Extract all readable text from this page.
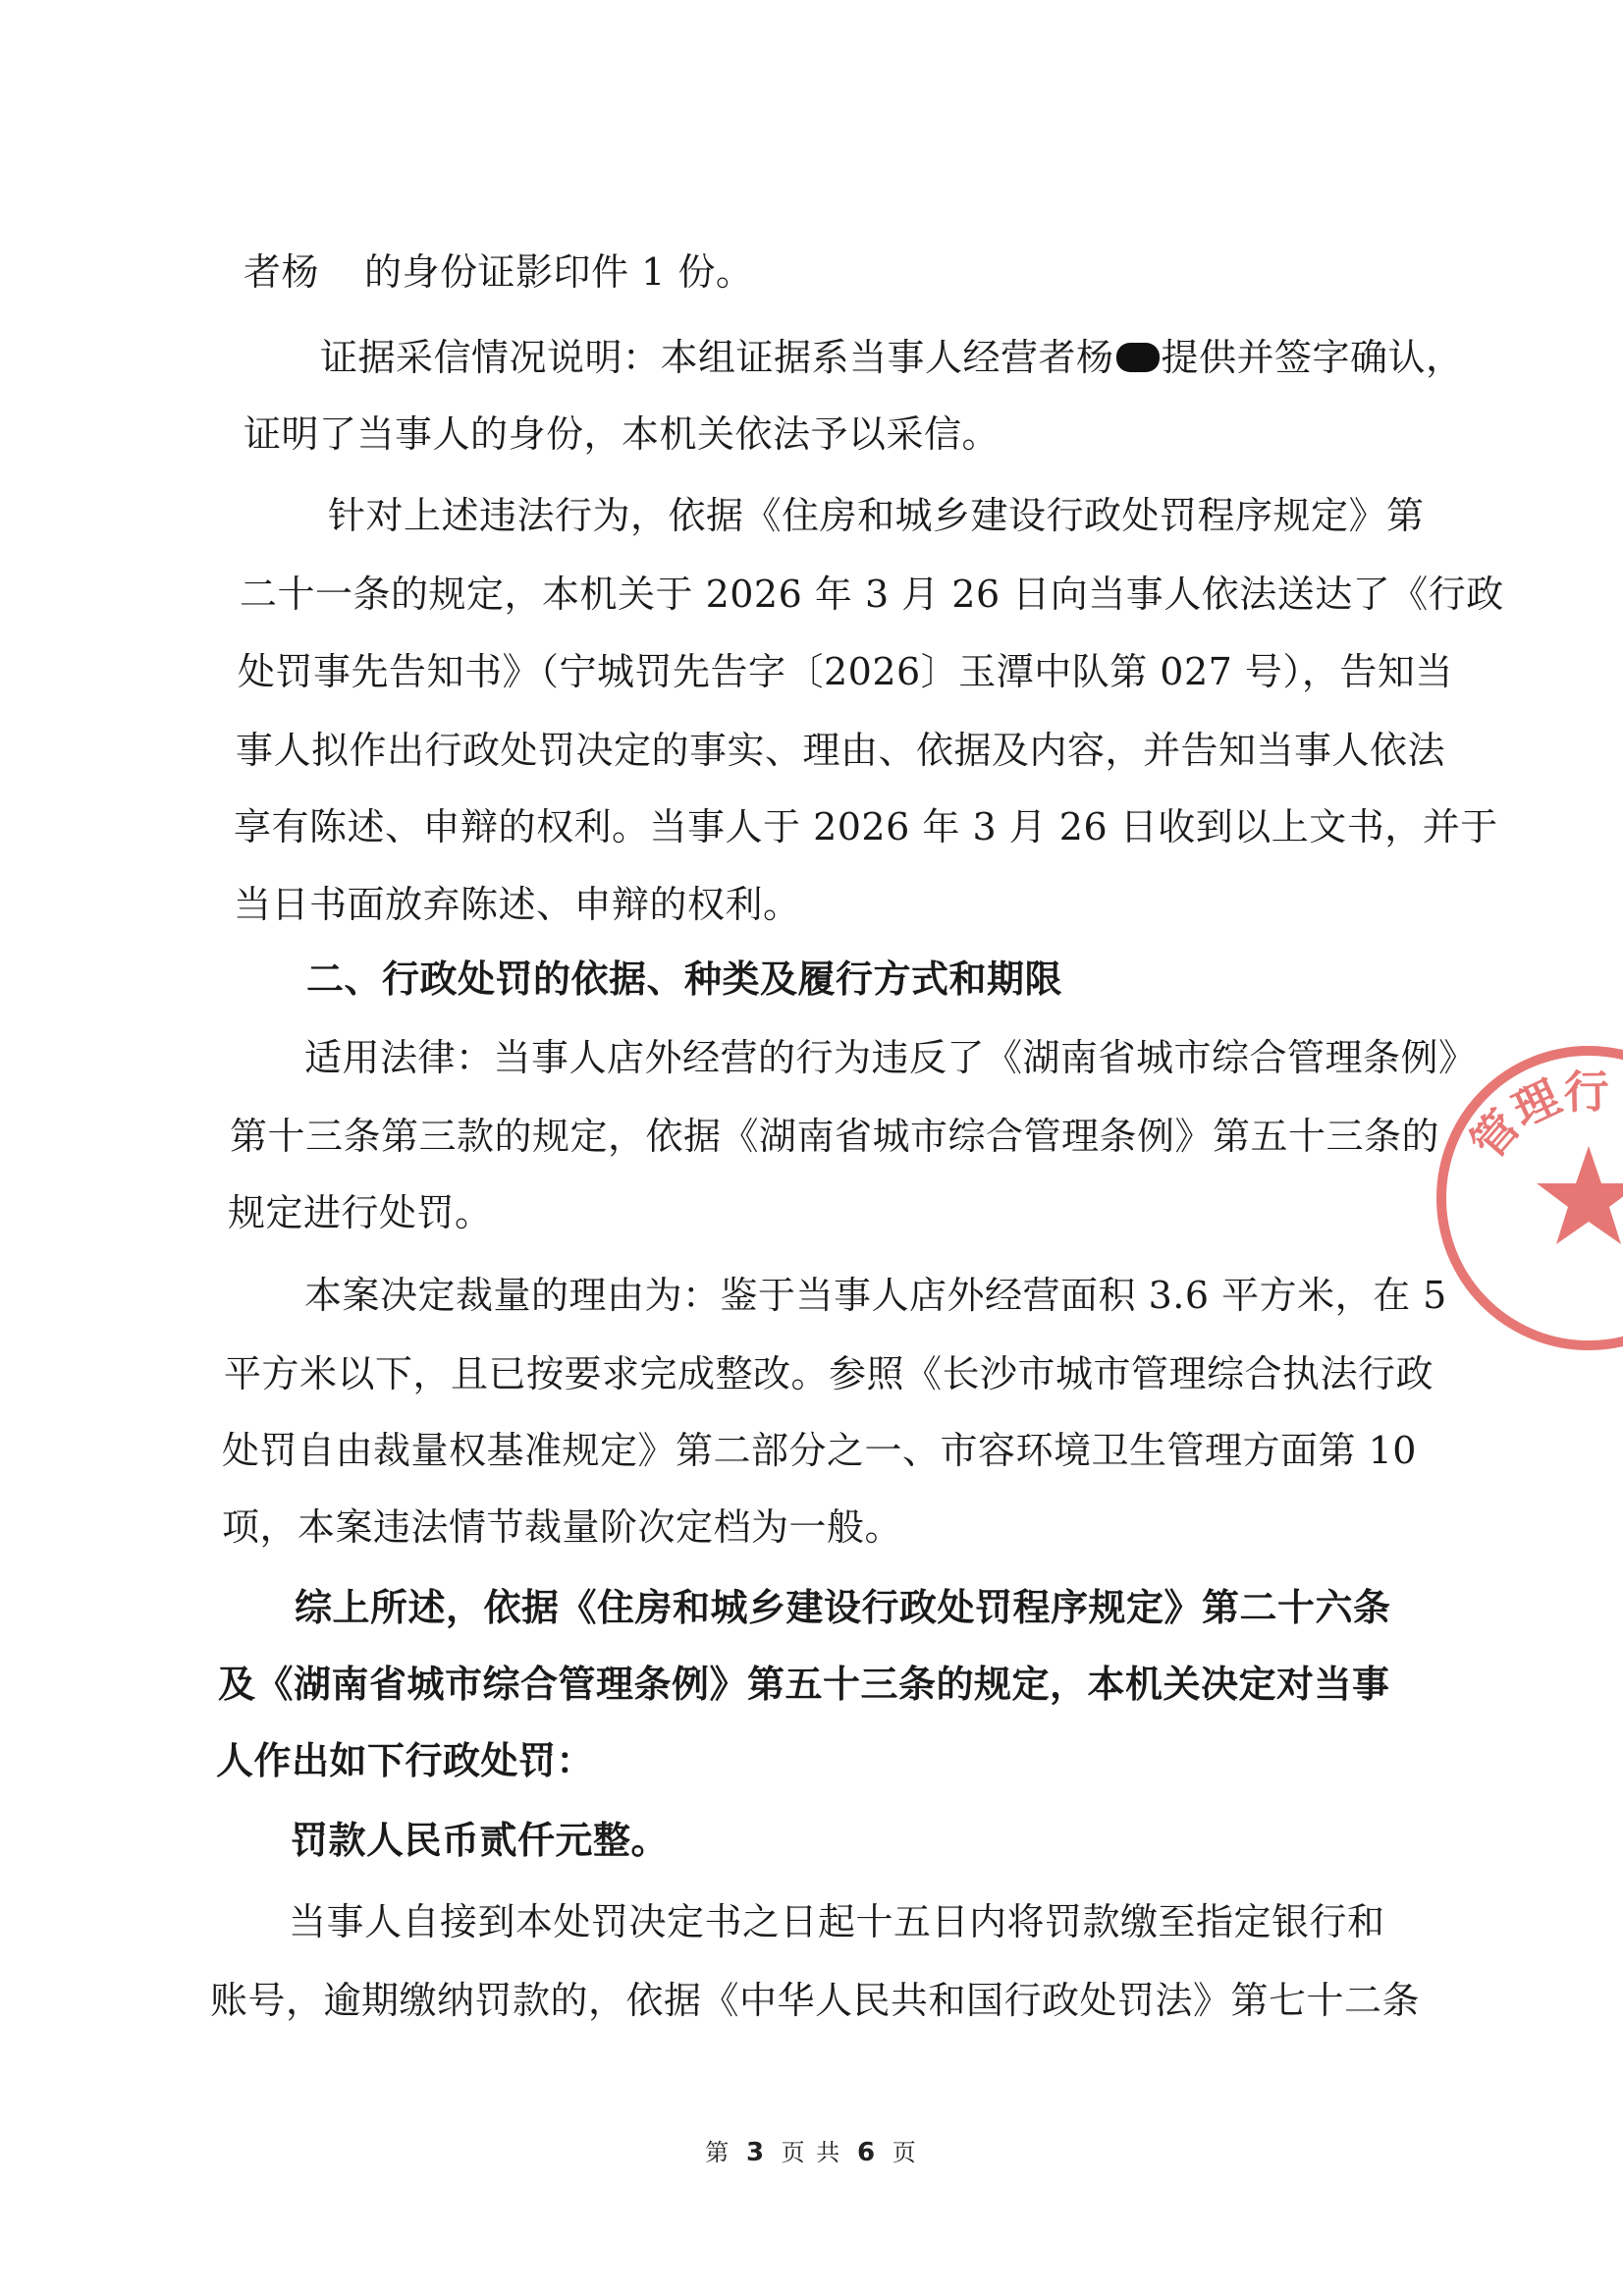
者杨 的身份证影印件 1 份。
证据采信情况说明：本组证据系当事人经营者杨 提供并签字确认，
证明了当事人的身份，本机关依法予以采信。
针对上述违法行为，依据《住房和城乡建设行政处罚程序规定》第
二十一条的规定，本机关于 2026 年 3 月 26 日向当事人依法送达了《行政
处罚事先告知书》（宁城罚先告字〔2026〕玉潭中队第 027 号），告知当
事人拟作出行政处罚决定的事实、理由、依据及内容，并告知当事人依法
享有陈述、申辩的权利。当事人于 2026 年 3 月 26 日收到以上文书，并于
当日书面放弃陈述、申辩的权利。
二、行政处罚的依据、种类及履行方式和期限
适用法律：当事人店外经营的行为违反了《湖南省城市综合管理条例》
第十三条第三款的规定，依据《湖南省城市综合管理条例》第五十三条的
规定进行处罚。
本案决定裁量的理由为：鉴于当事人店外经营面积 3.6 平方米，在 5
平方米以下，且已按要求完成整改。参照《长沙市城市管理综合执法行政
处罚自由裁量权基准规定》第二部分之一、市容环境卫生管理方面第 10
项，本案违法情节裁量阶次定档为一般。
综上所述，依据《住房和城乡建设行政处罚程序规定》第二十六条
及《湖南省城市综合管理条例》第五十三条的规定，本机关决定对当事
人作出如下行政处罚：
罚款人民币贰仟元整。
当事人自接到本处罚决定书之日起十五日内将罚款缴至指定银行和
账号，逾期缴纳罚款的，依据《中华人民共和国行政处罚法》第七十二条
管理行
第 3 页 共 6 页
